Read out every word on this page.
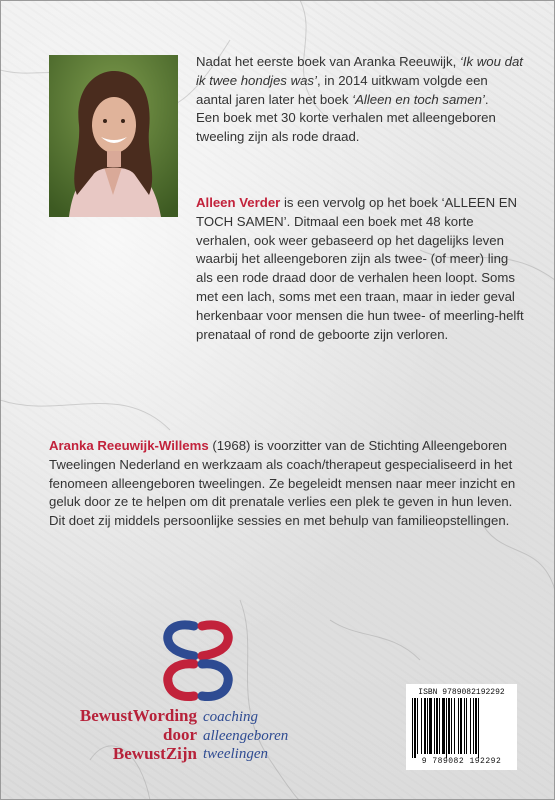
Nadat het eerste boek van Aranka Reeuwijk, ‘Ik wou dat ik twee hondjes was’, in 2014 uitkwam volgde een aantal jaren later het boek ‘Alleen en toch samen’.
Een boek met 30 korte verhalen met alleengeboren tweeling zijn als rode draad.
Alleen Verder is een vervolg op het boek ‘ALLEEN EN TOCH SAMEN’. Ditmaal een boek met 48 korte verhalen, ook weer gebaseerd op het dagelijks leven waarbij het alleengeboren zijn als twee- (of meer) ling als een rode draad door de verhalen heen loopt. Soms met een lach, soms met een traan, maar in ieder geval herkenbaar voor mensen die hun twee- of meerling-helft prenataal of rond de geboorte zijn verloren.
Aranka Reeuwijk-Willems (1968) is voorzitter van de Stichting Alleengeboren Tweelingen Nederland en werkzaam als coach/therapeut gespecialiseerd in het fenomeen alleengeboren tweelingen. Ze begeleidt mensen naar meer inzicht en geluk door ze te helpen om dit prenatale verlies een plek te geven in hun leven. Dit doet zij middels persoonlijke sessies en met behulp van familieopstellingen.
BewustWording
door
BewustZijn
coaching
alleengeboren
tweelingen
ISBN 9789082192292
9 789082 192292
